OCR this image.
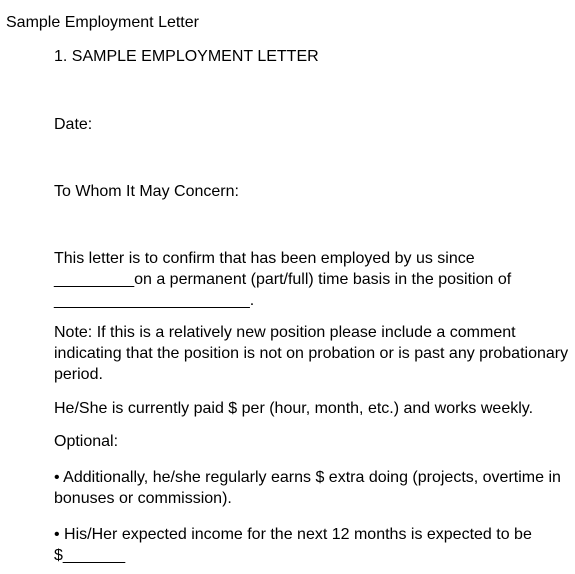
Sample Employment Letter
1. SAMPLE EMPLOYMENT LETTER
Date:
To Whom It May Concern:
This letter is to confirm that has been employed by us since
_________on a permanent (part/full) time basis in the position of
______________________.
Note: If this is a relatively new position please include a comment
indicating that the position is not on probation or is past any probationary
period.
He/She is currently paid $ per (hour, month, etc.) and works weekly.
Optional:
• Additionally, he/she regularly earns $ extra doing (projects, overtime in
bonuses or commission).
• His/Her expected income for the next 12 months is expected to be
$_______
